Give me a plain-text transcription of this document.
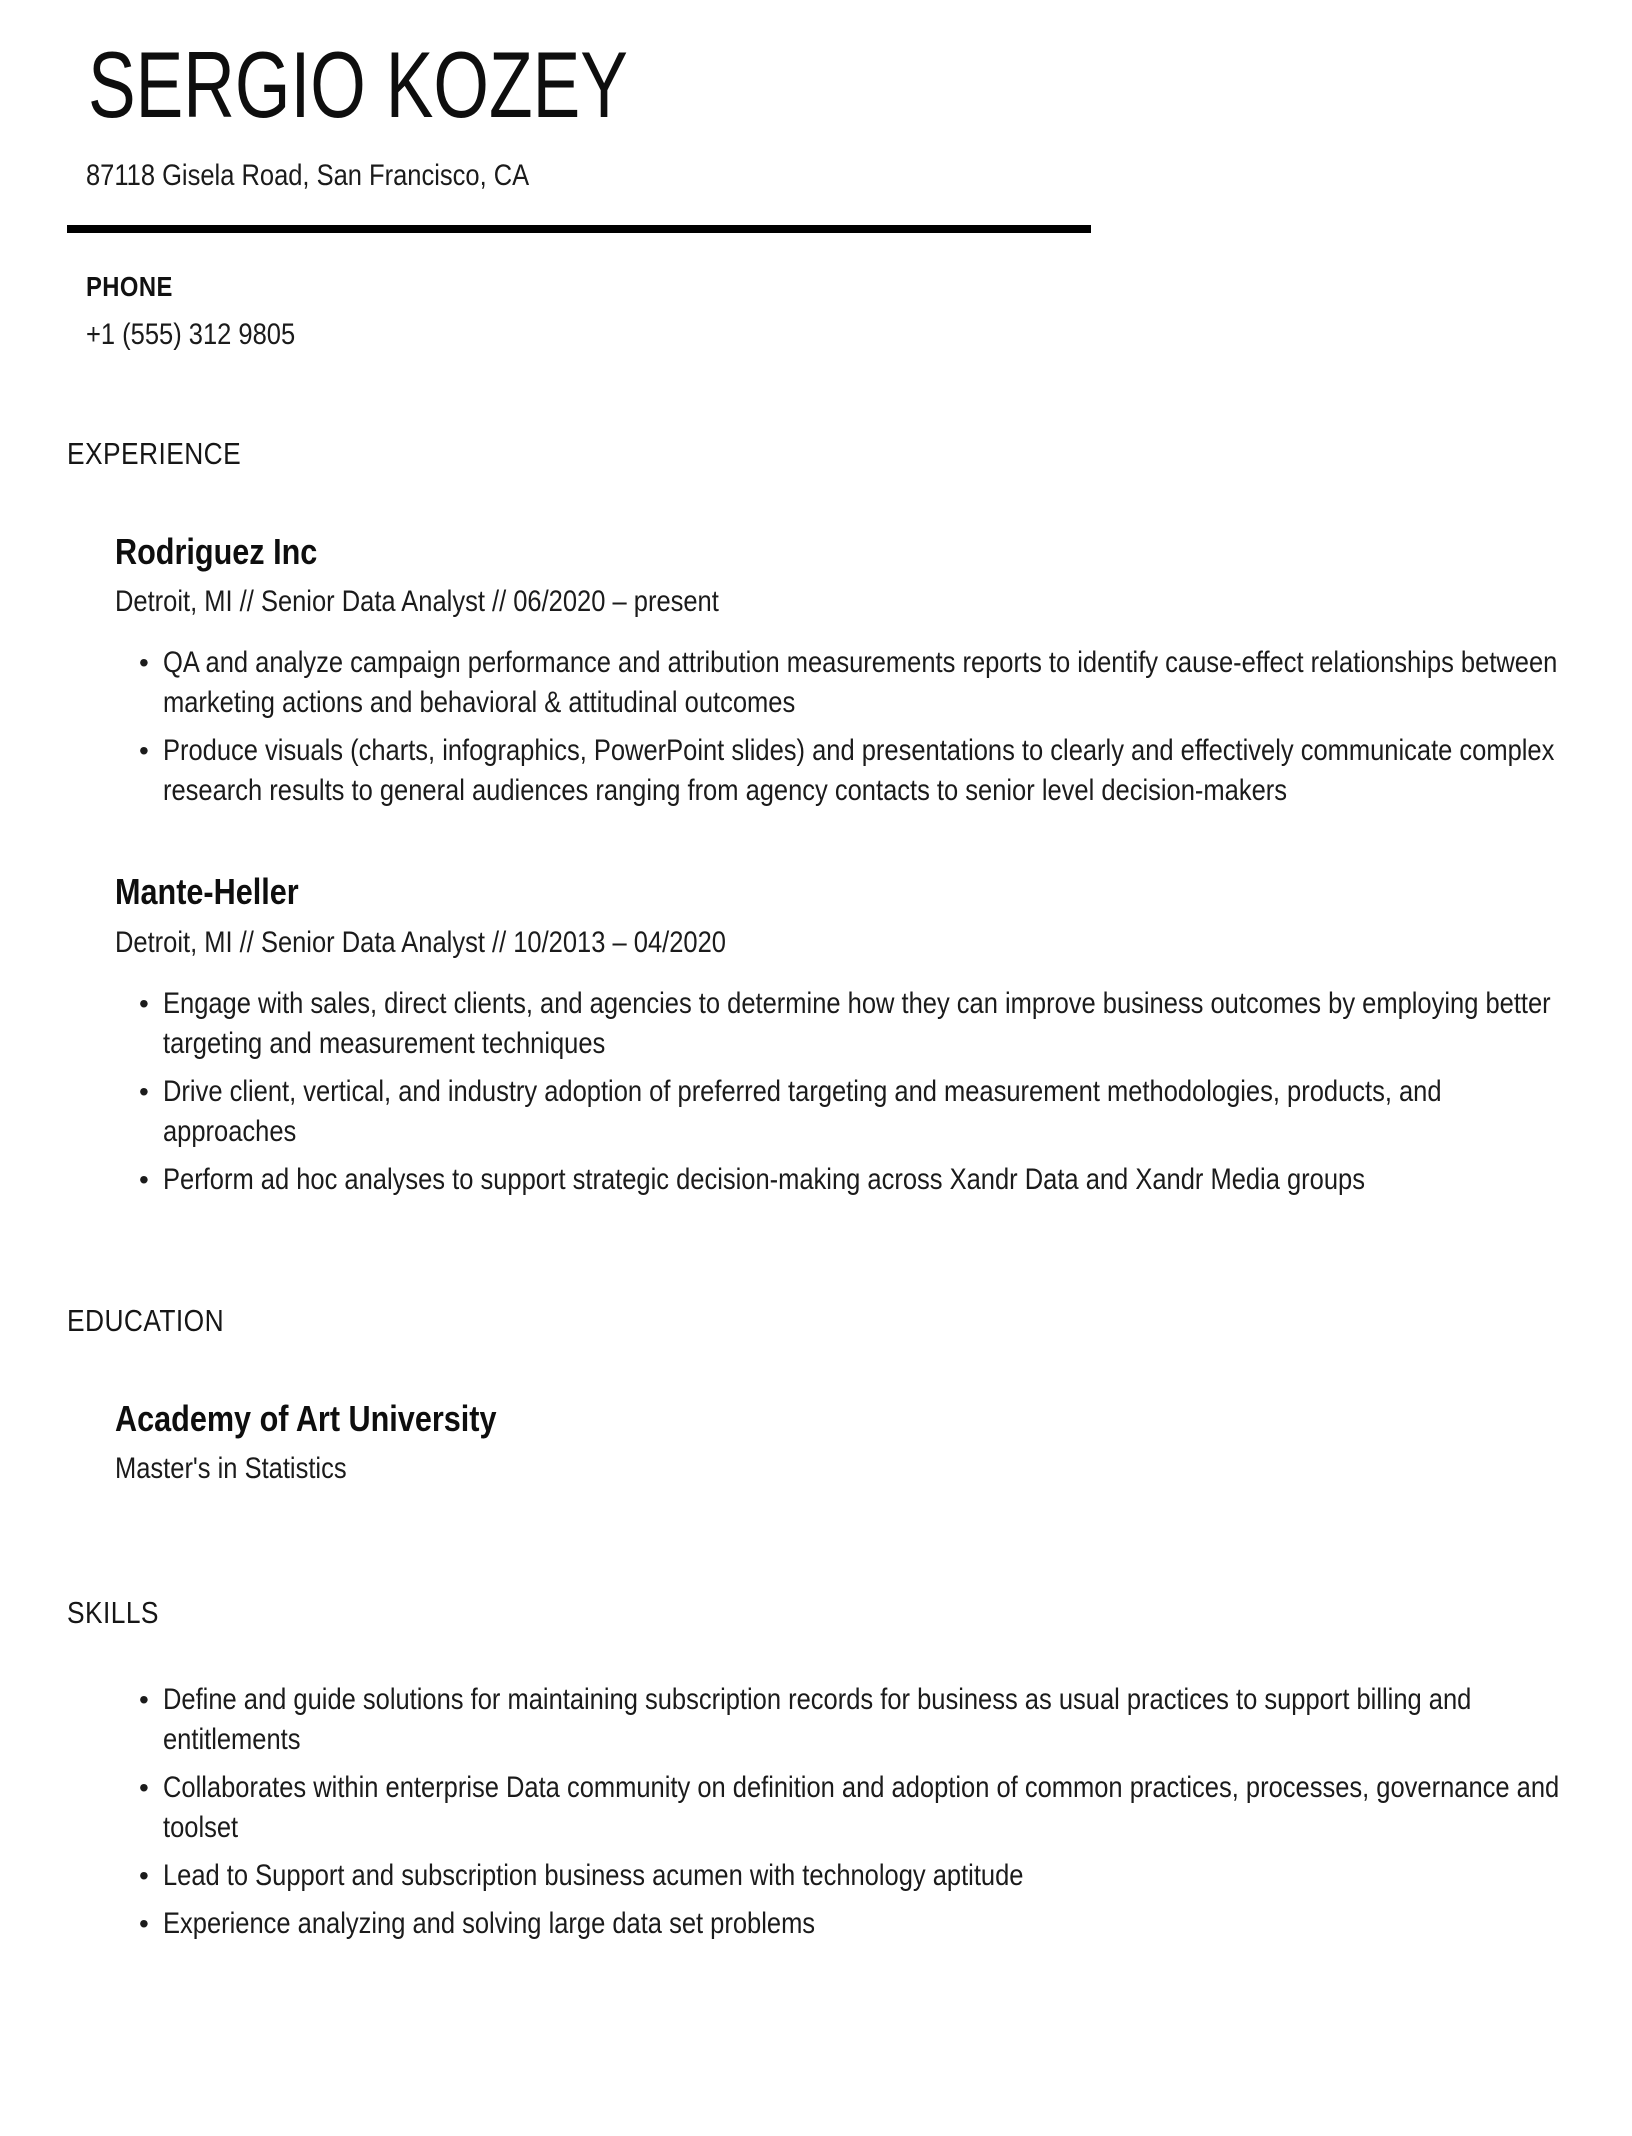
SERGIO KOZEY
87118 Gisela Road, San Francisco, CA
PHONE
+1 (555) 312 9805
EXPERIENCE
Rodriguez Inc
Detroit, MI // Senior Data Analyst // 06/2020 – present
• QA and analyze campaign performance and attribution measurements reports to identify cause-effect relationships between marketing actions and behavioral & attitudinal outcomes
• Produce visuals (charts, infographics, PowerPoint slides) and presentations to clearly and effectively communicate complex research results to general audiences ranging from agency contacts to senior level decision-makers
Mante-Heller
Detroit, MI // Senior Data Analyst // 10/2013 – 04/2020
• Engage with sales, direct clients, and agencies to determine how they can improve business outcomes by employing better targeting and measurement techniques
• Drive client, vertical, and industry adoption of preferred targeting and measurement methodologies, products, and approaches
• Perform ad hoc analyses to support strategic decision-making across Xandr Data and Xandr Media groups
EDUCATION
Academy of Art University
Master's in Statistics
SKILLS
• Define and guide solutions for maintaining subscription records for business as usual practices to support billing and entitlements
• Collaborates within enterprise Data community on definition and adoption of common practices, processes, governance and toolset
• Lead to Support and subscription business acumen with technology aptitude
• Experience analyzing and solving large data set problems
